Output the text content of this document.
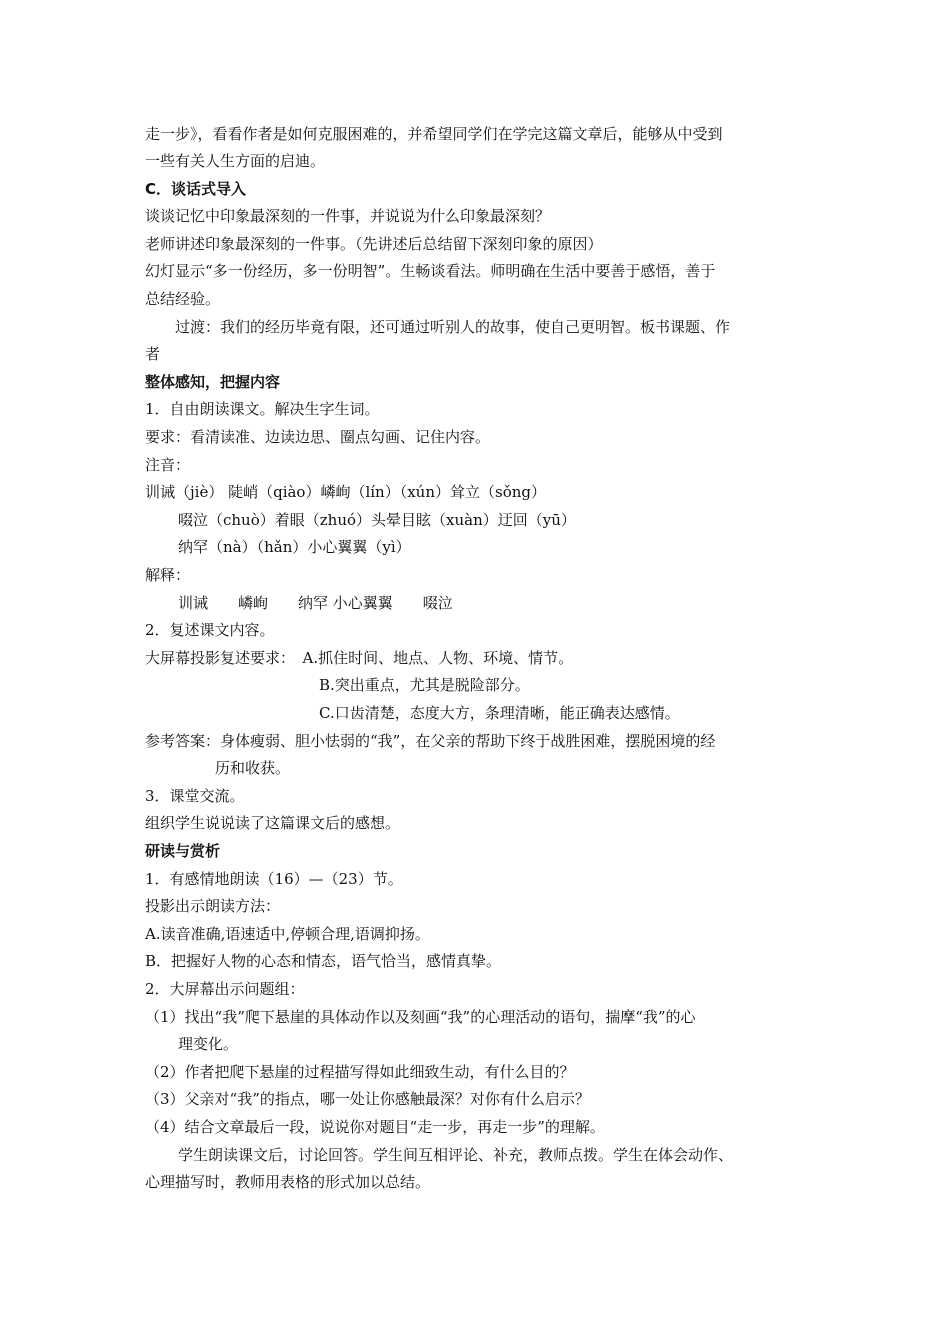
走一步》，看看作者是如何克服困难的，并希望同学们在学完这篇文章后，能够从中受到
一些有关人生方面的启迪。
C．谈话式导入
谈谈记忆中印象最深刻的一件事，并说说为什么印象最深刻？
老师讲述印象最深刻的一件事。（先讲述后总结留下深刻印象的原因）
幻灯显示“多一份经历，多一份明智”。生畅谈看法。师明确在生活中要善于感悟，善于
总结经验。
过渡：我们的经历毕竟有限，还可通过听别人的故事，使自己更明智。板书课题、作
者
整体感知，把握内容
1．自由朗读课文。解决生字生词。
要求：看清读准、边读边思、圈点勾画、记住内容。
注音：
训诫（jiè） 陡峭（qiào）嶙峋（lín）（xún）耸立（sǒng）
啜泣（chuò）着眼（zhuó）头晕目眩（xuàn）迂回（yū）
纳罕（nà）（hǎn）小心翼翼（yì）
解释：
训诫　　嶙峋　　纳罕 小心翼翼　　啜泣
2．复述课文内容。
大屏幕投影复述要求：　A.抓住时间、地点、人物、环境、情节。
B.突出重点，尤其是脱险部分。
C.口齿清楚，态度大方，条理清晰，能正确表达感情。
参考答案：身体瘦弱、胆小怯弱的“我”，在父亲的帮助下终于战胜困难，摆脱困境的经
历和收获。
3．课堂交流。
组织学生说说读了这篇课文后的感想。
研读与赏析
1．有感情地朗读（16）—（23）节。
投影出示朗读方法：
A.读音准确,语速适中,停顿合理,语调抑扬。
B．把握好人物的心态和情态，语气恰当，感情真挚。
2．大屏幕出示问题组：
（1）找出“我”爬下悬崖的具体动作以及刻画“我”的心理活动的语句，揣摩“我”的心
理变化。
（2）作者把爬下悬崖的过程描写得如此细致生动，有什么目的？
（3）父亲对“我”的指点，哪一处让你感触最深？对你有什么启示？
（4）结合文章最后一段，说说你对题目“走一步，再走一步”的理解。
学生朗读课文后，讨论回答。学生间互相评论、补充，教师点拨。学生在体会动作、
心理描写时，教师用表格的形式加以总结。
